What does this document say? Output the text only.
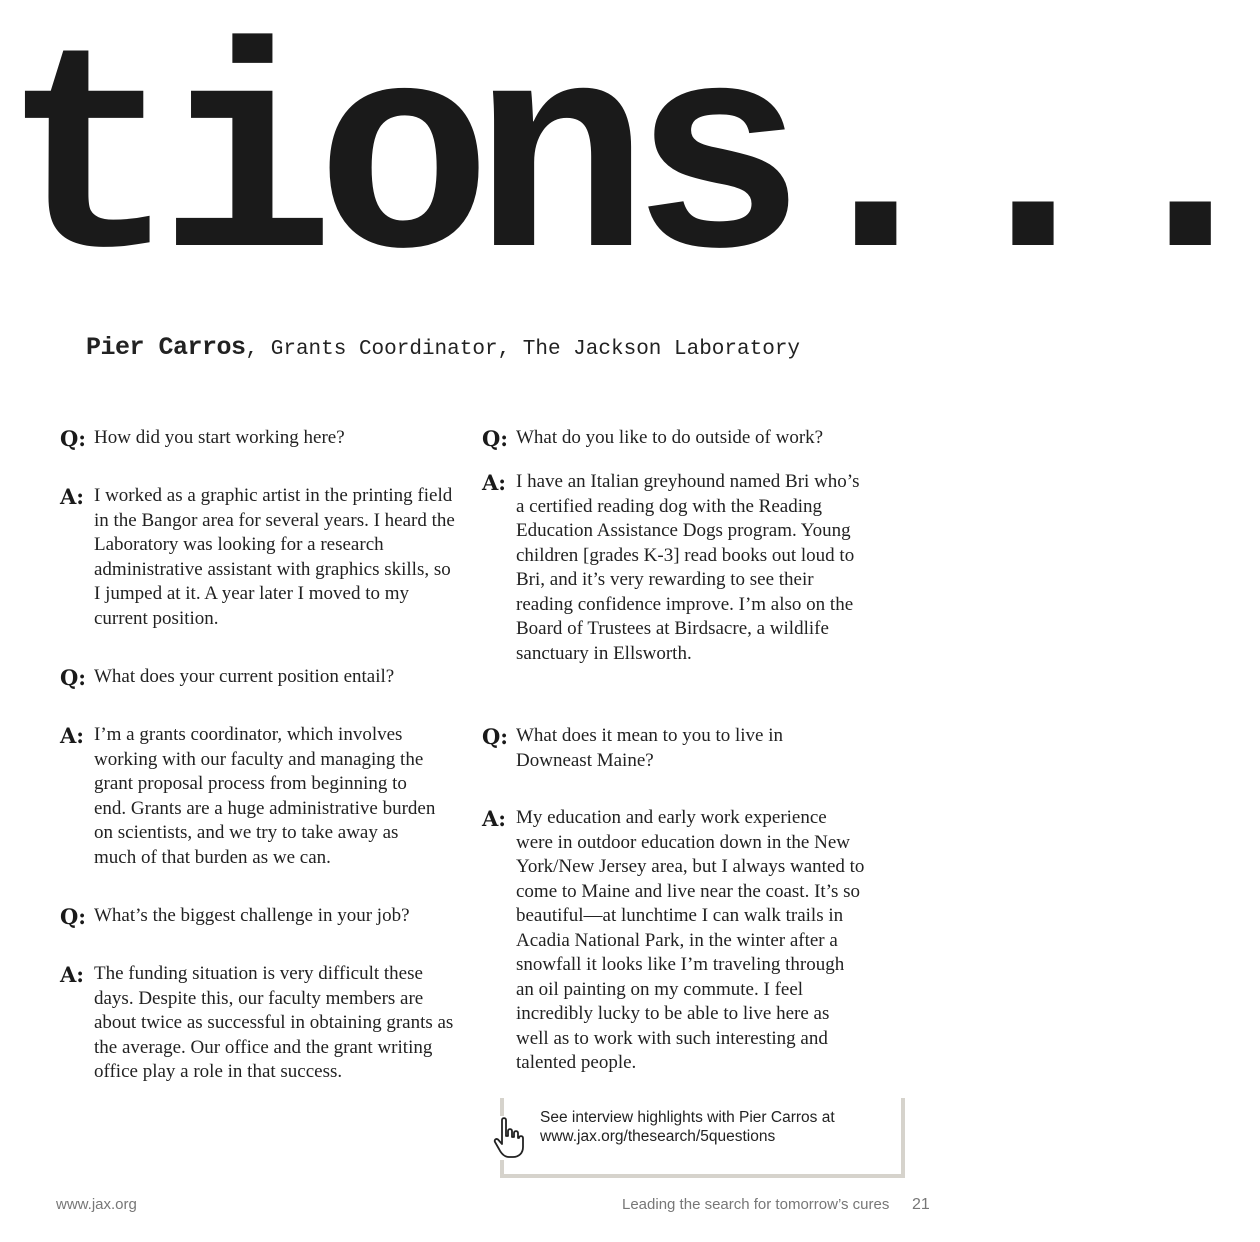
tions...
Pier Carros, Grants Coordinator, The Jackson Laboratory
Q: How did you start working here?
A: I worked as a graphic artist in the printing field in the Bangor area for several years. I heard the Laboratory was looking for a research administrative assistant with graphics skills, so I jumped at it. A year later I moved to my current position.
Q: What does your current position entail?
A: I’m a grants coordinator, which involves working with our faculty and managing the grant proposal process from beginning to end. Grants are a huge administrative burden on scientists, and we try to take away as much of that burden as we can.
Q: What’s the biggest challenge in your job?
A: The funding situation is very difficult these days. Despite this, our faculty members are about twice as successful in obtaining grants as the average. Our office and the grant writing office play a role in that success.
Q: What do you like to do outside of work?
A: I have an Italian greyhound named Bri who’s a certified reading dog with the Reading Education Assistance Dogs program. Young children [grades K-3] read books out loud to Bri, and it’s very rewarding to see their reading confidence improve. I’m also on the Board of Trustees at Birdsacre, a wildlife sanctuary in Ellsworth.
Q: What does it mean to you to live in Downeast Maine?
A: My education and early work experience were in outdoor education down in the New York/New Jersey area, but I always wanted to come to Maine and live near the coast. It’s so beautiful—at lunchtime I can walk trails in Acadia National Park, in the winter after a snowfall it looks like I’m traveling through an oil painting on my commute. I feel incredibly lucky to be able to live here as well as to work with such interesting and talented people.
See interview highlights with Pier Carros at
www.jax.org/thesearch/5questions
www.jax.org	Leading the search for tomorrow’s cures 21
